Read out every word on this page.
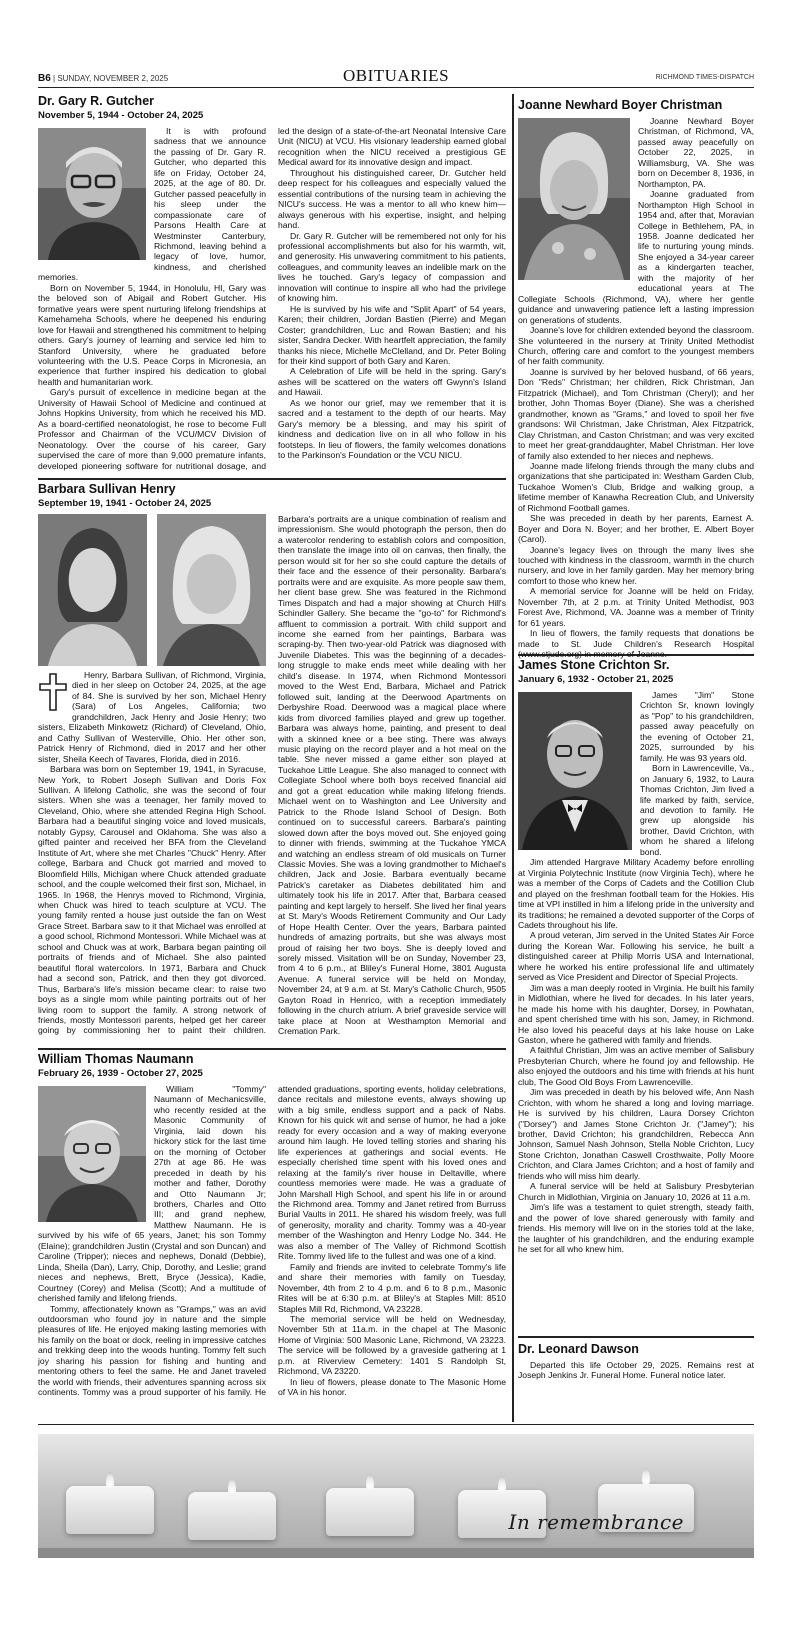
B6 | SUNDAY, NOVEMBER 2, 2025	OBITUARIES	RICHMOND TIMES-DISPATCH
Dr. Gary R. Gutcher
November 5, 1944 - October 24, 2025

It is with profound sadness that we announce the passing of Dr. Gary R. Gutcher, who departed this life on Friday, October 24, 2025, at the age of 80. Dr. Gutcher passed peacefully in his sleep under the compassionate care of Parsons Health Care at Westminster Canterbury, Richmond, leaving behind a legacy of love, humor, kindness, and cherished memories.

Born on November 5, 1944, in Honolulu, HI, Gary was the beloved son of Abigail and Robert Gutcher. His formative years were spent nurturing lifelong friendships at Kamehameha Schools, where he deepened his enduring love for Hawaii and strengthened his commitment to helping others. Gary's journey of learning and service led him to Stanford University, where he graduated before volunteering with the U.S. Peace Corps in Micronesia, an experience that further inspired his dedication to global health and humanitarian work.

Gary's pursuit of excellence in medicine began at the University of Hawaii School of Medicine and continued at Johns Hopkins University, from which he received his MD. As a board-certified neonatologist, he rose to become Full Professor and Chairman of the VCU/MCV Division of Neonatology. Over the course of his career, Gary supervised the care of more than 9,000 premature infants, developed pioneering software for nutritional dosage, and led the design of a state-of-the-art Neonatal Intensive Care Unit (NICU) at VCU. His visionary leadership earned global recognition when the NICU received a prestigious GE Medical award for its innovative design and impact.

Throughout his distinguished career, Dr. Gutcher held deep respect for his colleagues and especially valued the essential contributions of the nursing team in achieving the NICU's success. He was a mentor to all who knew him—always generous with his expertise, insight, and helping hand.

Dr. Gary R. Gutcher will be remembered not only for his professional accomplishments but also for his warmth, wit, and generosity. His unwavering commitment to his patients, colleagues, and community leaves an indelible mark on the lives he touched. Gary's legacy of compassion and innovation will continue to inspire all who had the privilege of knowing him.

He is survived by his wife and "Split Apart" of 54 years, Karen; their children, Jordan Bastien (Pierre) and Megan Coster; grandchildren, Luc and Rowan Bastien; and his sister, Sandra Decker. With heartfelt appreciation, the family thanks his niece, Michelle McClelland, and Dr. Peter Boling for their kind support of both Gary and Karen.

A Celebration of Life will be held in the spring. Gary's ashes will be scattered on the waters off Gwynn's Island and Hawaii.

As we honor our grief, may we remember that it is sacred and a testament to the depth of our hearts. May Gary's memory be a blessing, and may his spirit of kindness and dedication live on in all who follow in his footsteps. In lieu of flowers, the family welcomes donations to the Parkinson's Foundation or the VCU NICU.

Barbara Sullivan Henry
September 19, 1941 - October 24, 2025

Henry, Barbara Sullivan, of Richmond, Virginia, died in her sleep on October 24, 2025, at the age of 84. She is survived by her son, Michael Henry (Sara) of Los Angeles, California; two grandchildren, Jack Henry and Josie Henry; two sisters, Elizabeth Minkowetz (Richard) of Cleveland, Ohio, and Cathy Sullivan of Westerville, Ohio. Her other son, Patrick Henry of Richmond, died in 2017 and her other sister, Sheila Keech of Tavares, Florida, died in 2016.

Barbara was born on September 19, 1941, in Syracuse, New York, to Robert Joseph Sullivan and Doris Fox Sullivan. A lifelong Catholic, she was the second of four sisters. When she was a teenager, her family moved to Cleveland, Ohio, where she attended Regina High School. Barbara had a beautiful singing voice and loved musicals, notably Gypsy, Carousel and Oklahoma. She was also a gifted painter and received her BFA from the Cleveland Institute of Art, where she met Charles "Chuck" Henry. After college, Barbara and Chuck got married and moved to Bloomfield Hills, Michigan where Chuck attended graduate school, and the couple welcomed their first son, Michael, in 1965. In 1968, the Henrys moved to Richmond, Virginia, when Chuck was hired to teach sculpture at VCU. The young family rented a house just outside the fan on West Grace Street. Barbara saw to it that Michael was enrolled at a good school, Richmond Montessori. While Michael was at school and Chuck was at work, Barbara began painting oil portraits of friends and of Michael. She also painted beautiful floral watercolors. In 1971, Barbara and Chuck had a second son, Patrick, and then they got divorced. Thus, Barbara's life's mission became clear: to raise two boys as a single mom while painting portraits out of her living room to support the family. A strong network of friends, mostly Montessori parents, helped get her career going by commissioning her to paint their children. Barbara's portraits are a unique combination of realism and impressionism. She would photograph the person, then do a watercolor rendering to establish colors and composition, then translate the image into oil on canvas, then finally, the person would sit for her so she could capture the details of their face and the essence of their personality. Barbara's portraits were and are exquisite. As more people saw them, her client base grew. She was featured in the Richmond Times Dispatch and had a major showing at Church Hill's Schindler Gallery. She became the "go-to" for Richmond's affluent to commission a portrait. With child support and income she earned from her paintings, Barbara was scraping-by. Then two-year-old Patrick was diagnosed with Juvenile Diabetes. This was the beginning of a decades-long struggle to make ends meet while dealing with her child's disease. In 1974, when Richmond Montessori moved to the West End, Barbara, Michael and Patrick followed suit, landing at the Deerwood Apartments on Derbyshire Road. Deerwood was a magical place where kids from divorced families played and grew up together. Barbara was always home, painting, and present to deal with a skinned knee or a bee sting. There was always music playing on the record player and a hot meal on the table. She never missed a game either son played at Tuckahoe Little League. She also managed to connect with Collegiate School where both boys received financial aid and got a great education while making lifelong friends. Michael went on to Washington and Lee University and Patrick to the Rhode Island School of Design. Both continued on to successful careers. Barbara's painting slowed down after the boys moved out. She enjoyed going to dinner with friends, swimming at the Tuckahoe YMCA and watching an endless stream of old musicals on Turner Classic Movies. She was a loving grandmother to Michael's children, Jack and Josie. Barbara eventually became Patrick's caretaker as Diabetes debilitated him and ultimately took his life in 2017. After that, Barbara ceased painting and kept largely to herself. She lived her final years at St. Mary's Woods Retirement Community and Our Lady of Hope Health Center. Over the years, Barbara painted hundreds of amazing portraits, but she was always most proud of raising her two boys. She is deeply loved and sorely missed. Visitation will be on Sunday, November 23, from 4 to 6 p.m., at Bliley's Funeral Home, 3801 Augusta Avenue. A funeral service will be held on Monday, November 24, at 9 a.m. at St. Mary's Catholic Church, 9505 Gayton Road in Henrico, with a reception immediately following in the church atrium. A brief graveside service will take place at Noon at Westhampton Memorial and Cremation Park.

William Thomas Naumann
February 26, 1939 - October 27, 2025

William "Tommy" Naumann of Mechanicsville, who recently resided at the Masonic Community of Virginia, laid down his hickory stick for the last time on the morning of October 27th at age 86. He was preceded in death by his mother and father, Dorothy and Otto Naumann Jr; brothers, Charles and Otto III; and grand nephew, Matthew Naumann. He is survived by his wife of 65 years, Janet; his son Tommy (Elaine); grandchildren Justin (Crystal and son Duncan) and Caroline (Tripper); nieces and nephews, Donald (Debbie), Linda, Sheila (Dan), Larry, Chip, Dorothy, and Leslie; grand nieces and nephews, Brett, Bryce (Jessica), Kadie, Courtney (Corey) and Melisa (Scott); And a multitude of cherished family and lifelong friends.

Tommy, affectionately known as "Gramps," was an avid outdoorsman who found joy in nature and the simple pleasures of life. He enjoyed making lasting memories with his family on the boat or dock, reeling in impressive catches and trekking deep into the woods hunting. Tommy felt such joy sharing his passion for fishing and hunting and mentoring others to feel the same. He and Janet traveled the world with friends, their adventures spanning across six continents. Tommy was a proud supporter of his family. He attended graduations, sporting events, holiday celebrations, dance recitals and milestone events, always showing up with a big smile, endless support and a pack of Nabs. Known for his quick wit and sense of humor, he had a joke ready for every occasion and a way of making everyone around him laugh. He loved telling stories and sharing his life experiences at gatherings and social events. He especially cherished time spent with his loved ones and relaxing at the family's river house in Deltaville, where countless memories were made. He was a graduate of John Marshall High School, and spent his life in or around the Richmond area. Tommy and Janet retired from Burruss Burial Vaults in 2011. He shared his wisdom freely, was full of generosity, morality and charity. Tommy was a 40-year member of the Washington and Henry Lodge No. 344. He was also a member of The Valley of Richmond Scottish Rite. Tommy lived life to the fullest and was one of a kind.

Family and friends are invited to celebrate Tommy's life and share their memories with family on Tuesday, November, 4th from 2 to 4 p.m. and 6 to 8 p.m., Masonic Rites will be at 6:30 p.m. at Bliley's at Staples Mill: 8510 Staples Mill Rd, Richmond, VA 23228.

The memorial service will be held on Wednesday, November 5th at 11a.m. in the chapel at The Masonic Home of Virginia: 500 Masonic Lane, Richmond, VA 23223. The service will be followed by a graveside gathering at 1 p.m. at Riverview Cemetery: 1401 S Randolph St, Richmond, VA 23220.

In lieu of flowers, please donate to The Masonic Home of VA in his honor.

Joanne Newhard Boyer Christman

Joanne Newhard Boyer Christman, of Richmond, VA, passed away peacefully on October 22, 2025, in Williamsburg, VA. She was born on December 8, 1936, in Northampton, PA.

Joanne graduated from Northampton High School in 1954 and, after that, Moravian College in Bethlehem, PA, in 1958. Joanne dedicated her life to nurturing young minds. She enjoyed a 34-year career as a kindergarten teacher, with the majority of her educational years at The Collegiate Schools (Richmond, VA), where her gentle guidance and unwavering patience left a lasting impression on generations of students.

Joanne's love for children extended beyond the classroom. She volunteered in the nursery at Trinity United Methodist Church, offering care and comfort to the youngest members of her faith community.

Joanne is survived by her beloved husband, of 66 years, Don "Reds" Christman; her children, Rick Christman, Jan Fitzpatrick (Michael), and Tom Christman (Cheryl); and her brother, John Thomas Boyer (Diane). She was a cherished grandmother, known as "Grams," and loved to spoil her five grandsons: Wil Christman, Jake Christman, Alex Fitzpatrick, Clay Christman, and Caston Christman; and was very excited to meet her great-granddaughter, Mabel Christman. Her love of family also extended to her nieces and nephews.

Joanne made lifelong friends through the many clubs and organizations that she participated in: Westham Garden Club, Tuckahoe Women's Club, Bridge and walking group, a lifetime member of Kanawha Recreation Club, and University of Richmond Football games.

She was preceded in death by her parents, Earnest A. Boyer and Dora N. Boyer; and her brother, E. Albert Boyer (Carol).

Joanne's legacy lives on through the many lives she touched with kindness in the classroom, warmth in the church nursery, and love in her family garden. May her memory bring comfort to those who knew her.

A memorial service for Joanne will be held on Friday, November 7th, at 2 p.m. at Trinity United Methodist, 903 Forest Ave, Richmond, VA. Joanne was a member of Trinity for 61 years.

In lieu of flowers, the family requests that donations be made to St. Jude Children's Research Hospital (www.stjude.org) in memory of Joanne.

James Stone Crichton Sr.
January 6, 1932 - October 21, 2025

James "Jim" Stone Crichton Sr, known lovingly as "Pop" to his grandchildren, passed away peacefully on the evening of October 21, 2025, surrounded by his family. He was 93 years old.

Born in Lawrenceville, Va., on January 6, 1932, to Laura Thomas Crichton, Jim lived a life marked by faith, service, and devotion to family. He grew up alongside his brother, David Crichton, with whom he shared a lifelong bond.

Jim attended Hargrave Military Academy before enrolling at Virginia Polytechnic Institute (now Virginia Tech), where he was a member of the Corps of Cadets and the Cotillion Club and played on the freshman football team for the Hokies. His time at VPI instilled in him a lifelong pride in the university and its traditions; he remained a devoted supporter of the Corps of Cadets throughout his life.

A proud veteran, Jim served in the United States Air Force during the Korean War. Following his service, he built a distinguished career at Philip Morris USA and International, where he worked his entire professional life and ultimately served as Vice President and Director of Special Projects.

Jim was a man deeply rooted in Virginia. He built his family in Midlothian, where he lived for decades. In his later years, he made his home with his daughter, Dorsey, in Powhatan, and spent cherished time with his son, Jamey, in Richmond. He also loved his peaceful days at his lake house on Lake Gaston, where he gathered with family and friends.

A faithful Christian, Jim was an active member of Salisbury Presbyterian Church, where he found joy and fellowship. He also enjoyed the outdoors and his time with friends at his hunt club, The Good Old Boys From Lawrenceville.

Jim was preceded in death by his beloved wife, Ann Nash Crichton, with whom he shared a long and loving marriage. He is survived by his children, Laura Dorsey Crichton ("Dorsey") and James Stone Crichton Jr. ("Jamey"); his brother, David Crichton; his grandchildren, Rebecca Ann Johnson, Samuel Nash Johnson, Stella Noble Crichton, Lucy Stone Crichton, Jonathan Caswell Crosthwaite, Polly Moore Crichton, and Clara James Crichton; and a host of family and friends who will miss him dearly.

A funeral service will be held at Salisbury Presbyterian Church in Midlothian, Virginia on January 10, 2026 at 11 a.m.

Jim's life was a testament to quiet strength, steady faith, and the power of love shared generously with family and friends. His memory will live on in the stories told at the lake, the laughter of his grandchildren, and the enduring example he set for all who knew him.

Dr. Leonard Dawson

Departed this life October 29, 2025. Remains rest at Joseph Jenkins Jr. Funeral Home. Funeral notice later.

In remembrance
